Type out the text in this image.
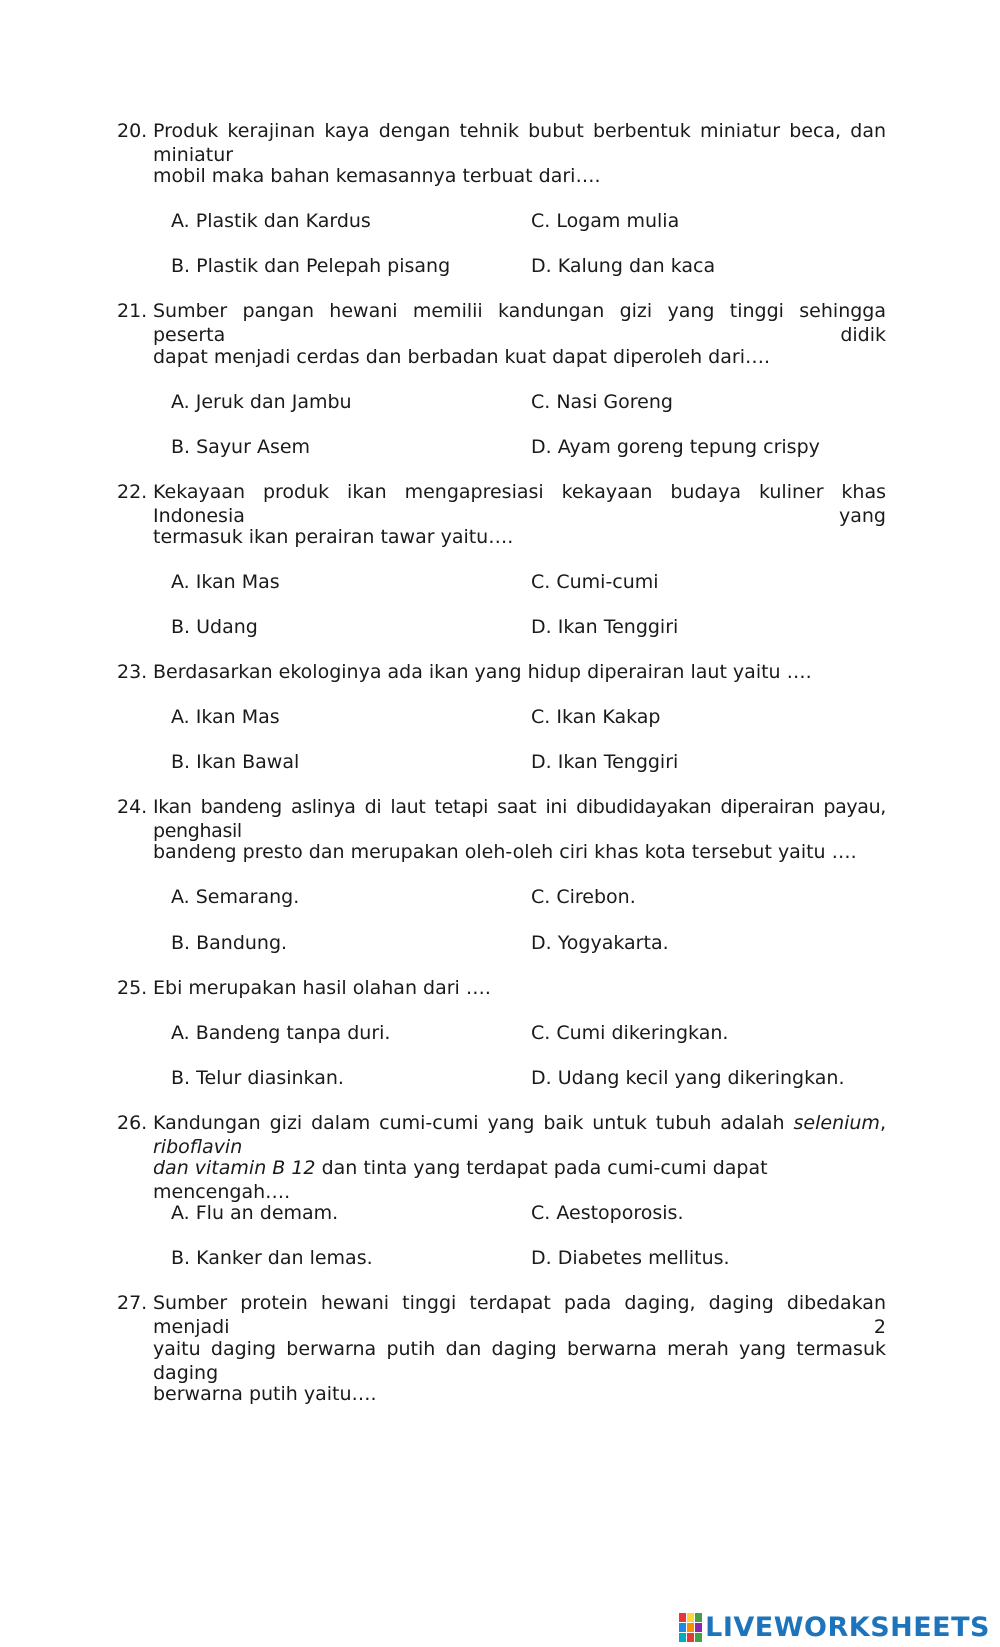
20. Produk kerajinan kaya dengan tehnik bubut berbentuk miniatur beca, dan miniatur
mobil maka bahan kemasannya terbuat dari….
A. Plastik dan Kardus	C. Logam mulia
B. Plastik dan Pelepah pisang	D. Kalung dan kaca
21. Sumber pangan hewani memilii kandungan gizi yang tinggi sehingga peserta didik
dapat menjadi cerdas dan berbadan kuat dapat diperoleh dari….
A. Jeruk dan Jambu	C. Nasi Goreng
B. Sayur Asem	D. Ayam goreng tepung crispy
22. Kekayaan produk ikan mengapresiasi kekayaan budaya kuliner khas Indonesia yang
termasuk ikan perairan tawar yaitu….
A. Ikan Mas	C. Cumi-cumi
B. Udang	D. Ikan Tenggiri
23. Berdasarkan ekologinya ada ikan yang hidup diperairan laut yaitu ….
A. Ikan Mas	C. Ikan Kakap
B. Ikan Bawal	D. Ikan Tenggiri
24. Ikan bandeng aslinya di laut tetapi saat ini dibudidayakan diperairan payau, penghasil
bandeng presto dan merupakan oleh-oleh ciri khas kota tersebut yaitu ….
A. Semarang.	C. Cirebon.
B. Bandung.	D. Yogyakarta.
25. Ebi merupakan hasil olahan dari ….
A. Bandeng tanpa duri.	C. Cumi dikeringkan.
B. Telur diasinkan.	D. Udang kecil yang dikeringkan.
26. Kandungan gizi dalam cumi-cumi yang baik untuk tubuh adalah selenium, riboflavin
dan vitamin B 12 dan tinta yang terdapat pada cumi-cumi dapat mencengah….
A. Flu an demam.	C. Aestoporosis.
B. Kanker dan lemas.	D. Diabetes mellitus.
27. Sumber protein hewani tinggi terdapat pada daging, daging dibedakan menjadi 2
yaitu daging berwarna putih dan daging berwarna merah yang termasuk daging
berwarna putih yaitu….
LIVEWORKSHEETS
